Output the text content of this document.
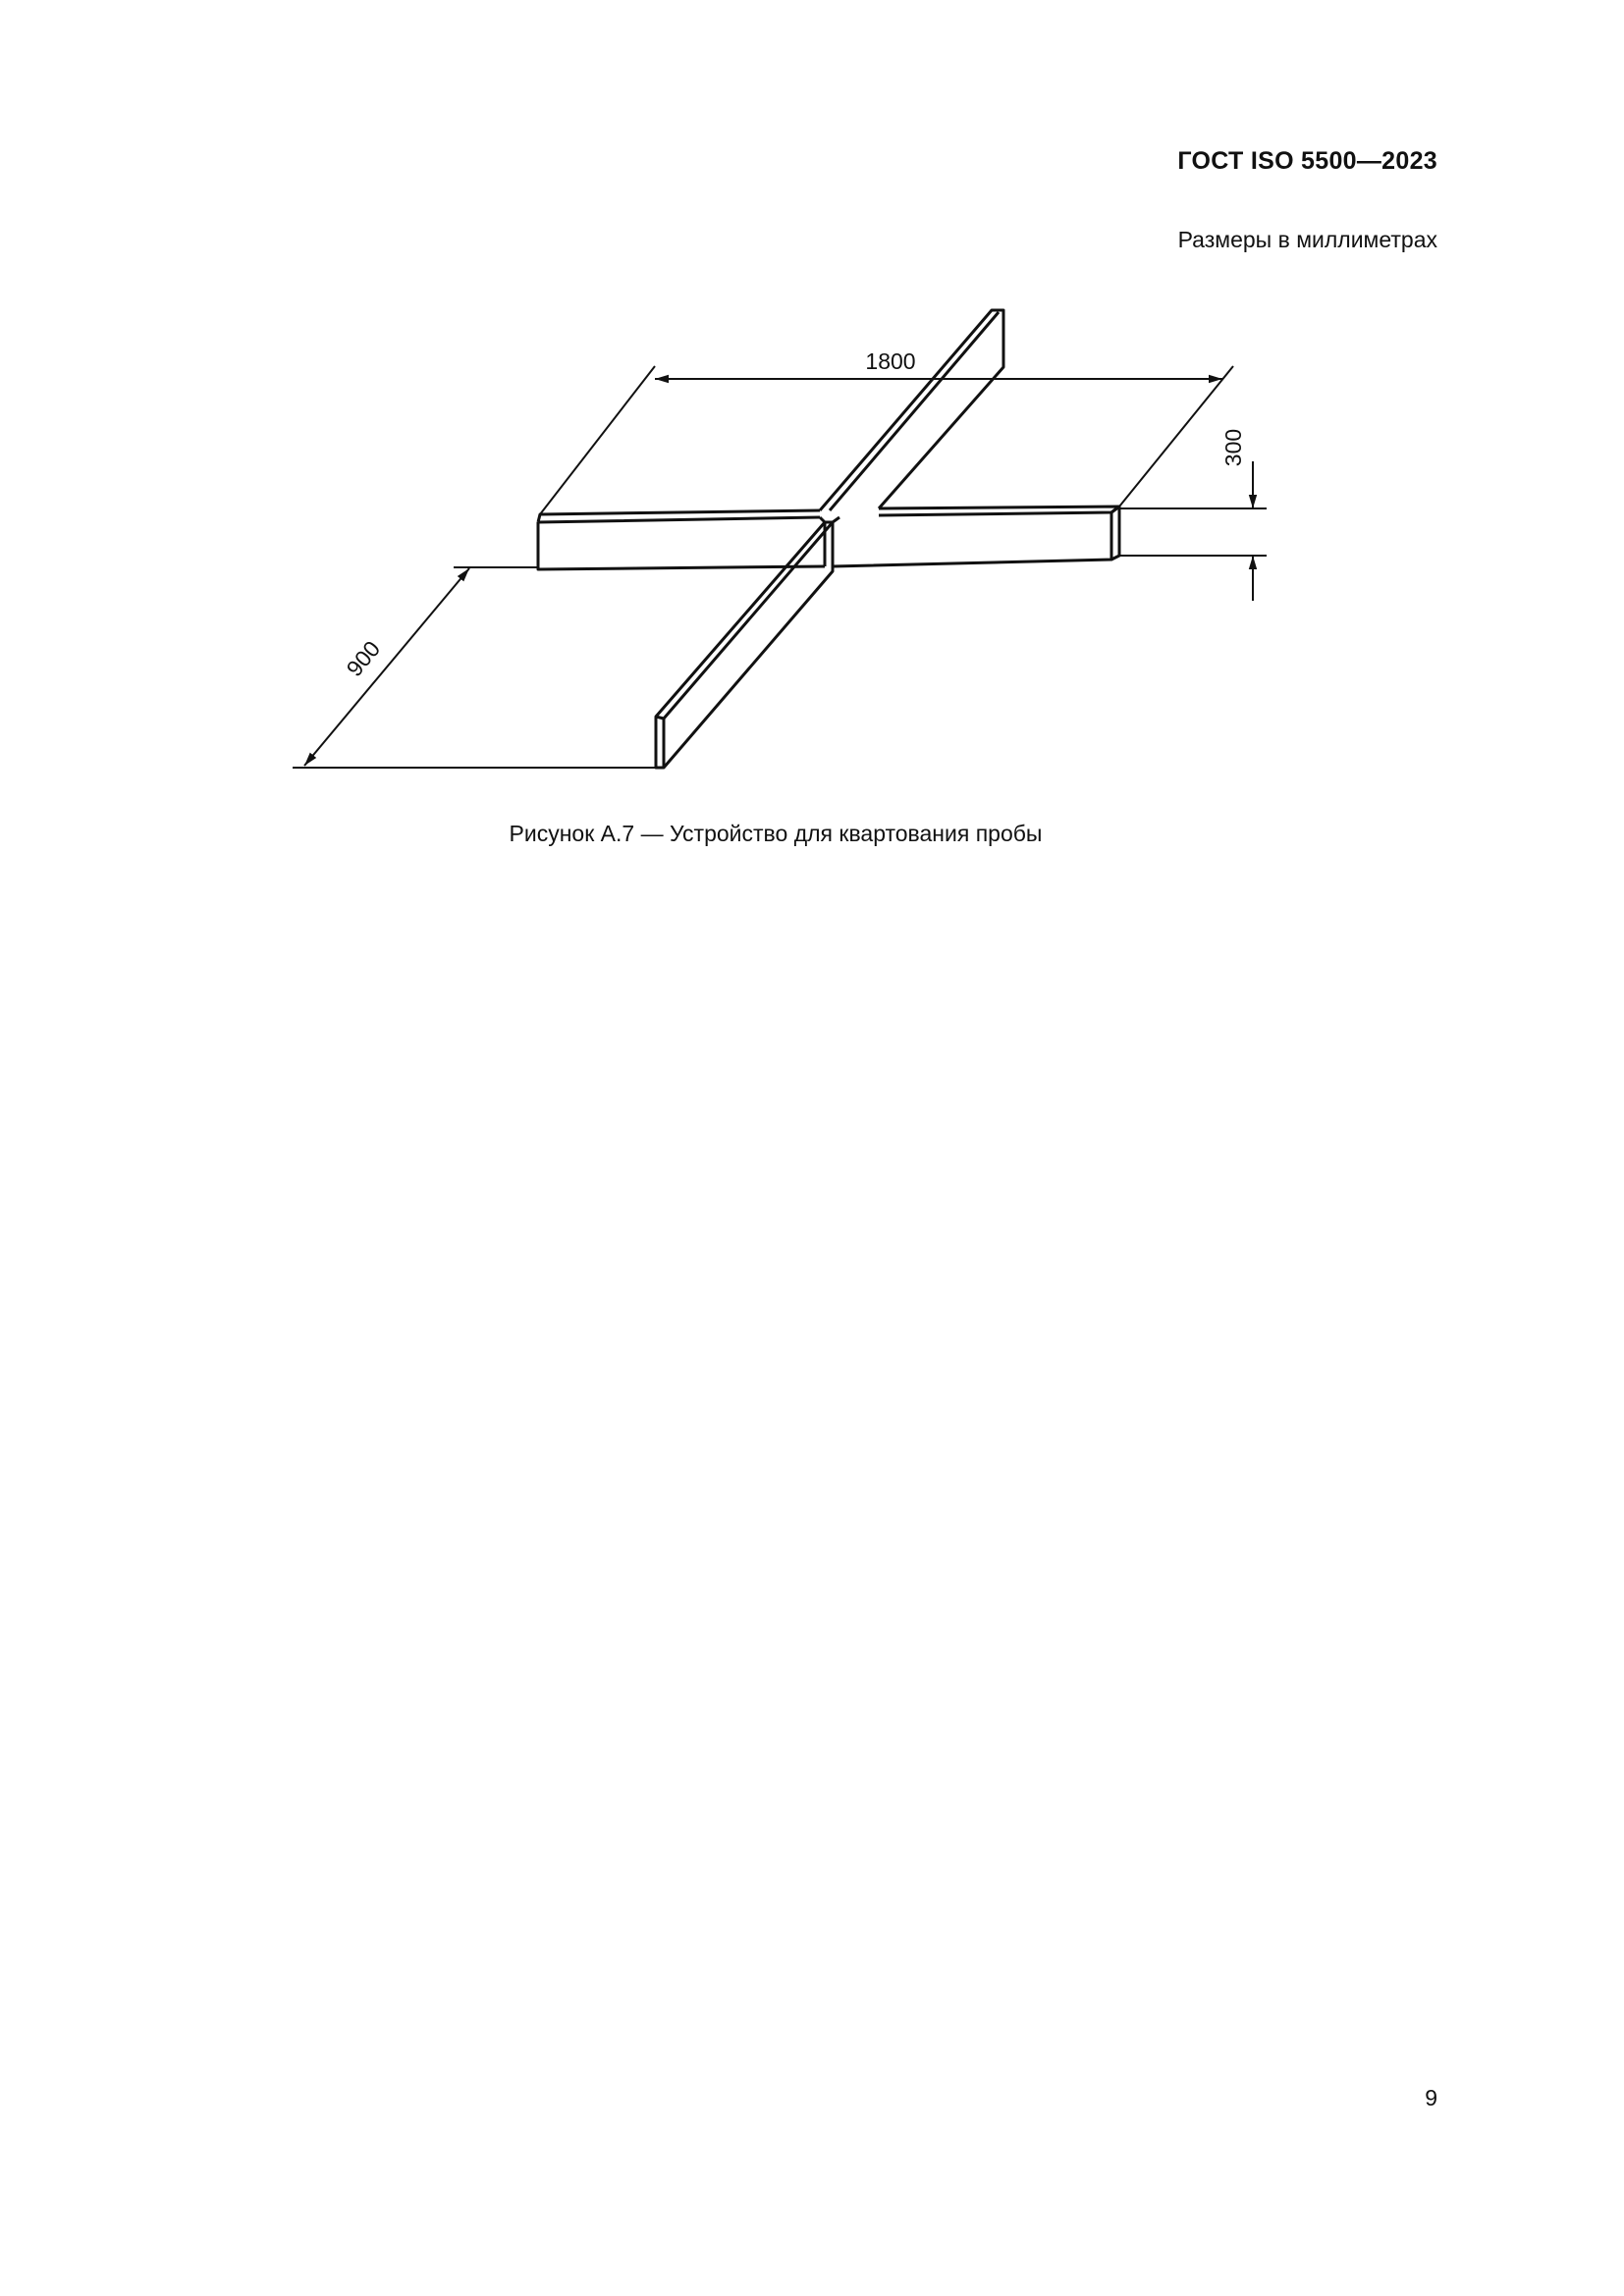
ГОСТ ISO 5500—2023
Размеры в миллиметрах
1800
300
900
Рисунок А.7 — Устройство для квартования пробы
9
